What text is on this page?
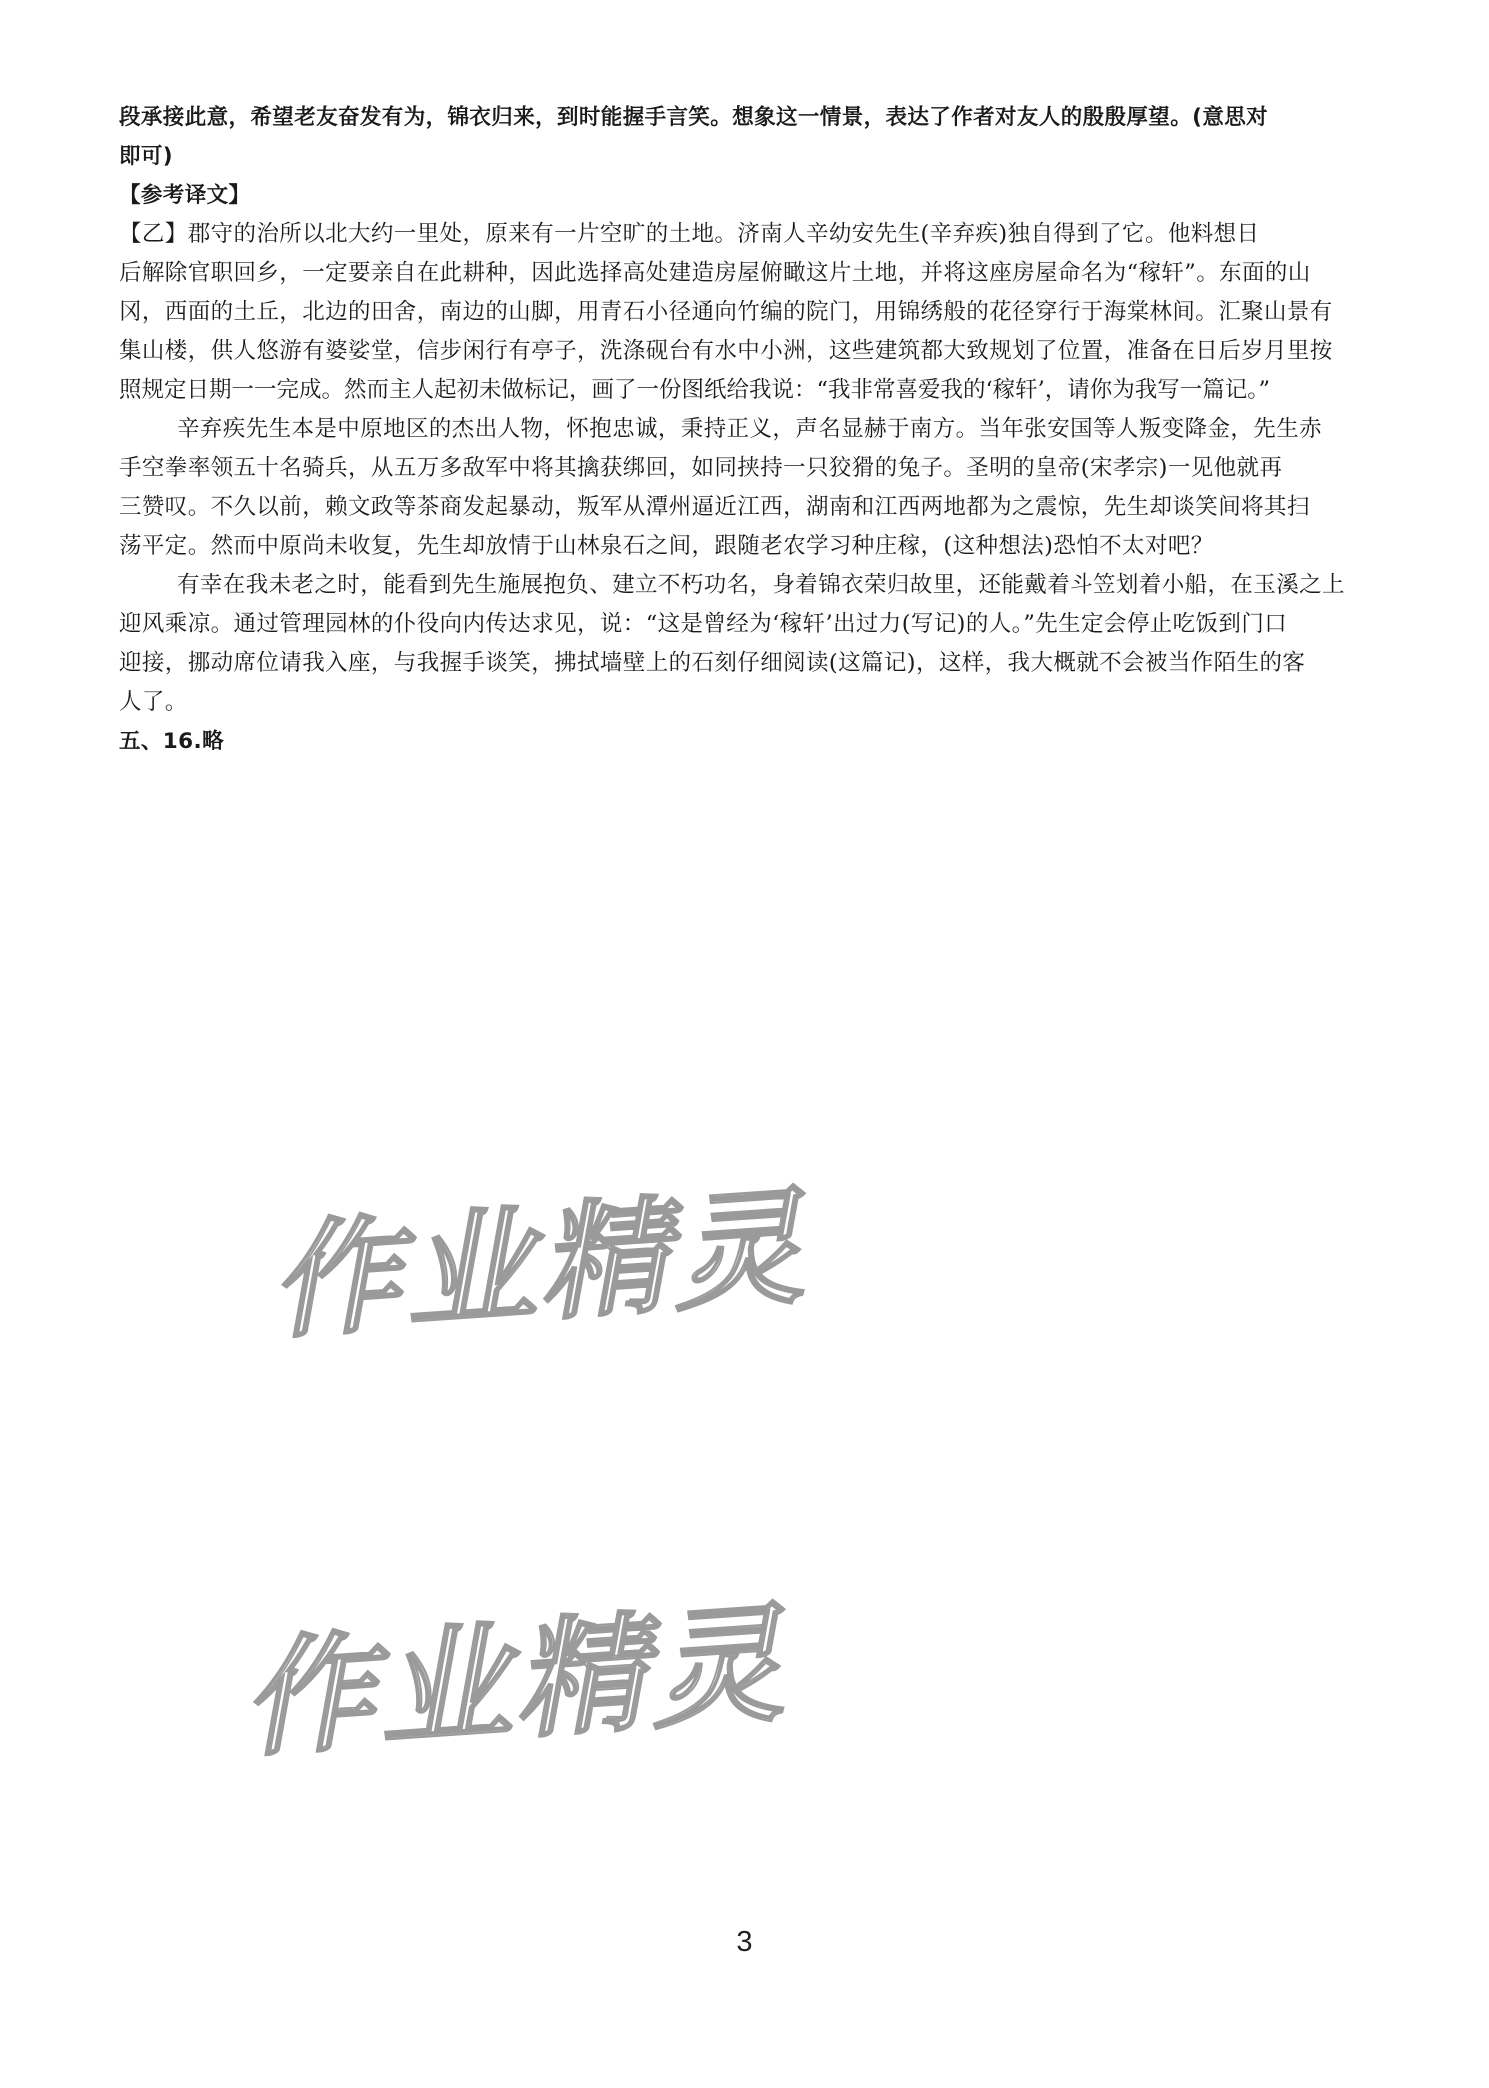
段承接此意，希望老友奋发有为，锦衣归来，到时能握手言笑。想象这一情景，表达了作者对友人的殷殷厚望。(意思对
即可)
【参考译文】
【乙】郡守的治所以北大约一里处，原来有一片空旷的土地。济南人辛幼安先生(辛弃疾)独自得到了它。他料想日
后解除官职回乡，一定要亲自在此耕种，因此选择高处建造房屋俯瞰这片土地，并将这座房屋命名为“稼轩”。东面的山
冈，西面的土丘，北边的田舍，南边的山脚，用青石小径通向竹编的院门，用锦绣般的花径穿行于海棠林间。汇聚山景有
集山楼，供人悠游有婆娑堂，信步闲行有亭子，洗涤砚台有水中小洲，这些建筑都大致规划了位置，准备在日后岁月里按
照规定日期一一完成。然而主人起初未做标记，画了一份图纸给我说：“我非常喜爱我的‘稼轩’，请你为我写一篇记。”
辛弃疾先生本是中原地区的杰出人物，怀抱忠诚，秉持正义，声名显赫于南方。当年张安国等人叛变降金，先生赤
手空拳率领五十名骑兵，从五万多敌军中将其擒获绑回，如同挟持一只狡猾的兔子。圣明的皇帝(宋孝宗)一见他就再
三赞叹。不久以前，赖文政等茶商发起暴动，叛军从潭州逼近江西，湖南和江西两地都为之震惊，先生却谈笑间将其扫
荡平定。然而中原尚未收复，先生却放情于山林泉石之间，跟随老农学习种庄稼，(这种想法)恐怕不太对吧？
有幸在我未老之时，能看到先生施展抱负、建立不朽功名，身着锦衣荣归故里，还能戴着斗笠划着小船，在玉溪之上
迎风乘凉。通过管理园林的仆役向内传达求见，说：“这是曾经为‘稼轩’出过力(写记)的人。”先生定会停止吃饭到门口
迎接，挪动席位请我入座，与我握手谈笑，拂拭墙壁上的石刻仔细阅读(这篇记)，这样，我大概就不会被当作陌生的客
人了。
五、16.略
作业精灵
作业精灵
3
